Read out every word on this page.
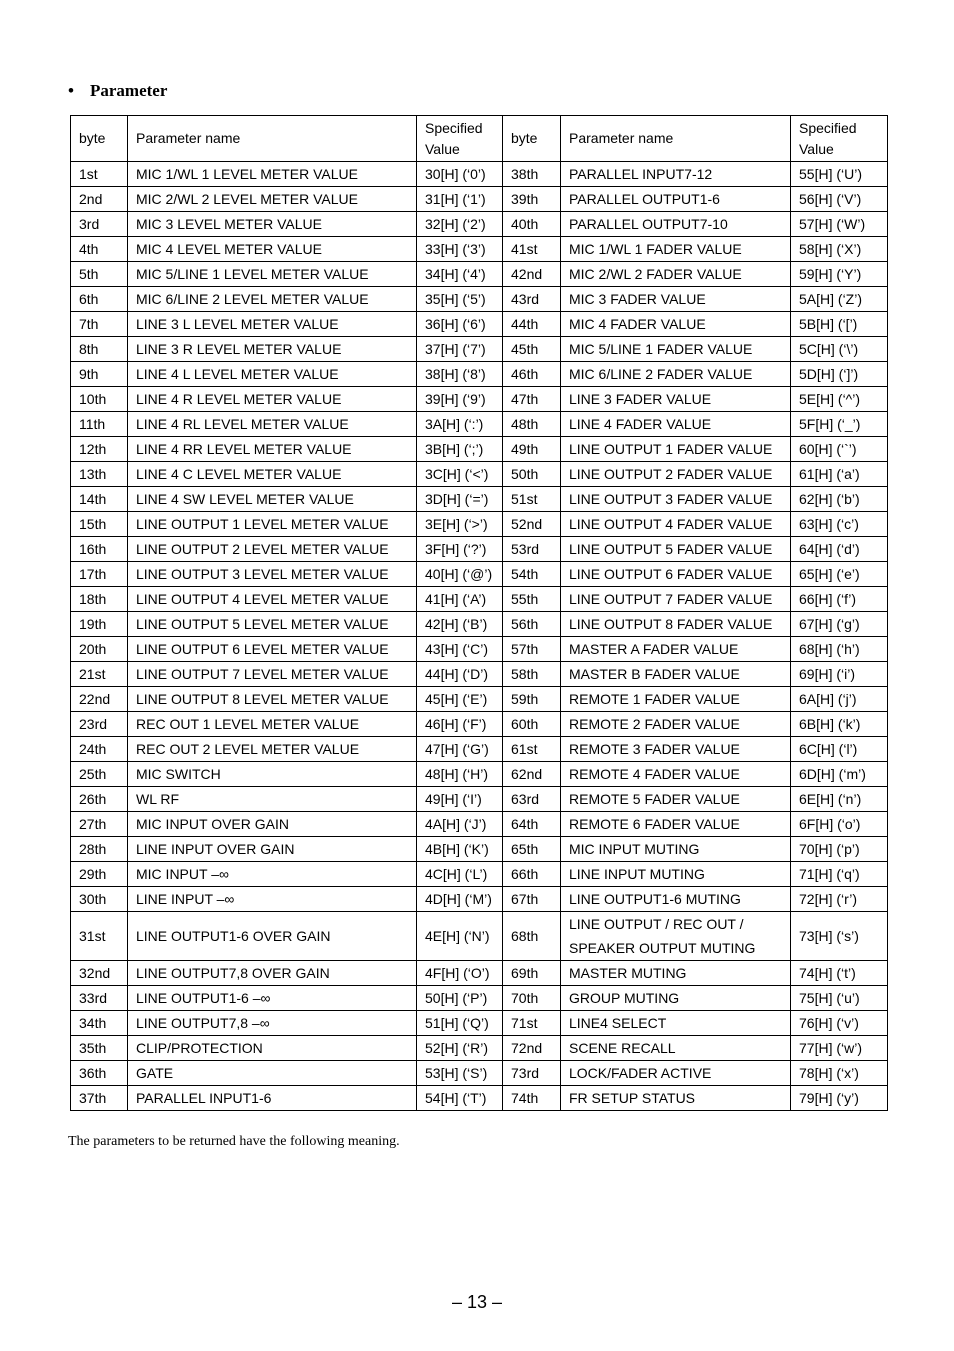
• Parameter
byte	Parameter name	Specified Value	byte	Parameter name	Specified Value
1st	MIC 1/WL 1 LEVEL METER VALUE	30[H] (‘0’)	38th	PARALLEL INPUT7-12	55[H] (‘U’)
2nd	MIC 2/WL 2 LEVEL METER VALUE	31[H] (‘1’)	39th	PARALLEL OUTPUT1-6	56[H] (‘V’)
3rd	MIC 3 LEVEL METER VALUE	32[H] (‘2’)	40th	PARALLEL OUTPUT7-10	57[H] (‘W’)
4th	MIC 4 LEVEL METER VALUE	33[H] (‘3’)	41st	MIC 1/WL 1 FADER VALUE	58[H] (‘X’)
5th	MIC 5/LINE 1 LEVEL METER VALUE	34[H] (‘4’)	42nd	MIC 2/WL 2 FADER VALUE	59[H] (‘Y’)
6th	MIC 6/LINE 2 LEVEL METER VALUE	35[H] (‘5’)	43rd	MIC 3 FADER VALUE	5A[H] (‘Z’)
7th	LINE 3 L LEVEL METER VALUE	36[H] (‘6’)	44th	MIC 4 FADER VALUE	5B[H] (‘[’)
8th	LINE 3 R LEVEL METER VALUE	37[H] (‘7’)	45th	MIC 5/LINE 1 FADER VALUE	5C[H] (‘\’)
9th	LINE 4 L LEVEL METER VALUE	38[H] (‘8’)	46th	MIC 6/LINE 2 FADER VALUE	5D[H] (‘]’)
10th	LINE 4 R LEVEL METER VALUE	39[H] (‘9’)	47th	LINE 3 FADER VALUE	5E[H] (‘^’)
11th	LINE 4 RL LEVEL METER VALUE	3A[H] (‘:’)	48th	LINE 4 FADER VALUE	5F[H] (‘_’)
12th	LINE 4 RR LEVEL METER VALUE	3B[H] (‘;’)	49th	LINE OUTPUT 1 FADER VALUE	60[H] (‘`’)
13th	LINE 4 C LEVEL METER VALUE	3C[H] (‘<’)	50th	LINE OUTPUT 2 FADER VALUE	61[H] (‘a’)
14th	LINE 4 SW LEVEL METER VALUE	3D[H] (‘=’)	51st	LINE OUTPUT 3 FADER VALUE	62[H] (‘b’)
15th	LINE OUTPUT 1 LEVEL METER VALUE	3E[H] (‘>’)	52nd	LINE OUTPUT 4 FADER VALUE	63[H] (‘c’)
16th	LINE OUTPUT 2 LEVEL METER VALUE	3F[H] (‘?’)	53rd	LINE OUTPUT 5 FADER VALUE	64[H] (‘d’)
17th	LINE OUTPUT 3 LEVEL METER VALUE	40[H] (‘@’)	54th	LINE OUTPUT 6 FADER VALUE	65[H] (‘e’)
18th	LINE OUTPUT 4 LEVEL METER VALUE	41[H] (‘A’)	55th	LINE OUTPUT 7 FADER VALUE	66[H] (‘f’)
19th	LINE OUTPUT 5 LEVEL METER VALUE	42[H] (‘B’)	56th	LINE OUTPUT 8 FADER VALUE	67[H] (‘g’)
20th	LINE OUTPUT 6 LEVEL METER VALUE	43[H] (‘C’)	57th	MASTER A FADER VALUE	68[H] (‘h’)
21st	LINE OUTPUT 7 LEVEL METER VALUE	44[H] (‘D’)	58th	MASTER B FADER VALUE	69[H] (‘i’)
22nd	LINE OUTPUT 8 LEVEL METER VALUE	45[H] (‘E’)	59th	REMOTE 1 FADER VALUE	6A[H] (‘j’)
23rd	REC OUT 1 LEVEL METER VALUE	46[H] (‘F’)	60th	REMOTE 2 FADER VALUE	6B[H] (‘k’)
24th	REC OUT 2 LEVEL METER VALUE	47[H] (‘G’)	61st	REMOTE 3 FADER VALUE	6C[H] (‘l’)
25th	MIC SWITCH	48[H] (‘H’)	62nd	REMOTE 4 FADER VALUE	6D[H] (‘m’)
26th	WL RF	49[H] (‘I’)	63rd	REMOTE 5 FADER VALUE	6E[H] (‘n’)
27th	MIC INPUT OVER GAIN	4A[H] (‘J’)	64th	REMOTE 6 FADER VALUE	6F[H] (‘o’)
28th	LINE INPUT OVER GAIN	4B[H] (‘K’)	65th	MIC INPUT MUTING	70[H] (‘p’)
29th	MIC INPUT –∞	4C[H] (‘L’)	66th	LINE INPUT MUTING	71[H] (‘q’)
30th	LINE INPUT –∞	4D[H] (‘M’)	67th	LINE OUTPUT1-6 MUTING	72[H] (‘r’)
31st	LINE OUTPUT1-6 OVER GAIN	4E[H] (‘N’)	68th	LINE OUTPUT / REC OUT / SPEAKER OUTPUT MUTING	73[H] (‘s’)
32nd	LINE OUTPUT7,8 OVER GAIN	4F[H] (‘O’)	69th	MASTER MUTING	74[H] (‘t’)
33rd	LINE OUTPUT1-6 –∞	50[H] (‘P’)	70th	GROUP MUTING	75[H] (‘u’)
34th	LINE OUTPUT7,8 –∞	51[H] (‘Q’)	71st	LINE4 SELECT	76[H] (‘v’)
35th	CLIP/PROTECTION	52[H] (‘R’)	72nd	SCENE RECALL	77[H] (‘w’)
36th	GATE	53[H] (‘S’)	73rd	LOCK/FADER ACTIVE	78[H] (‘x’)
37th	PARALLEL INPUT1-6	54[H] (‘T’)	74th	FR SETUP STATUS	79[H] (‘y’)
The parameters to be returned have the following meaning.
– 13 –
